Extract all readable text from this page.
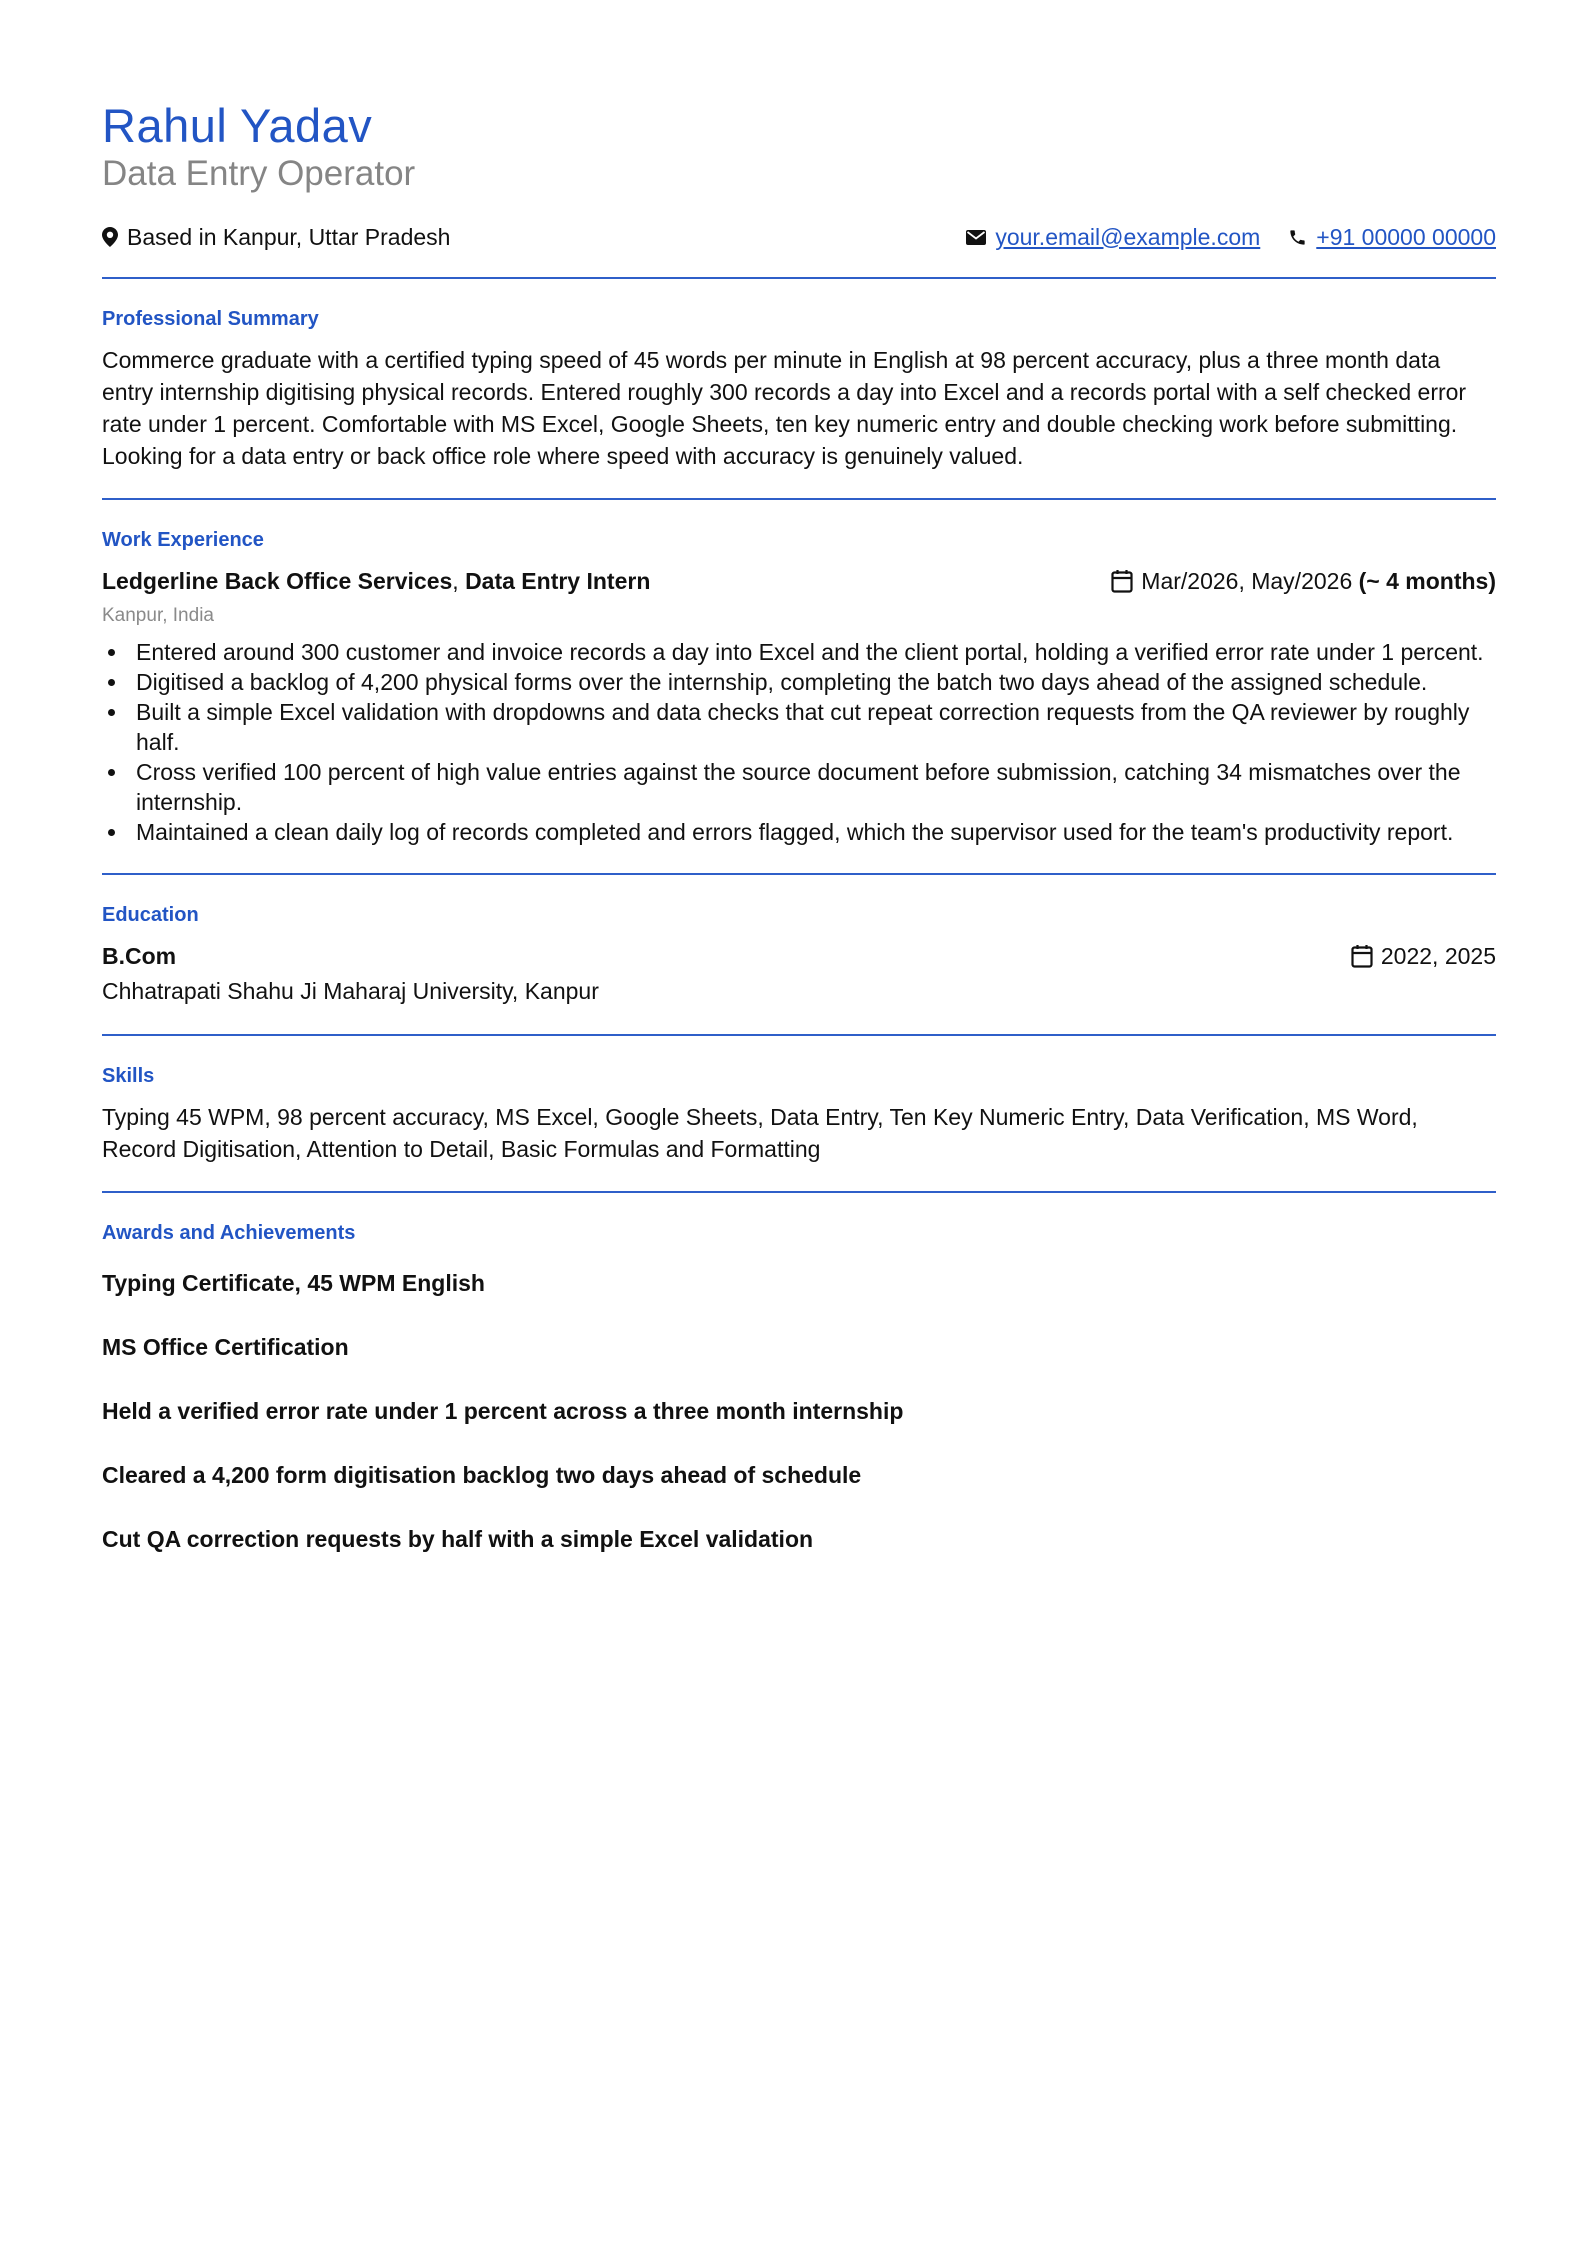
Rahul Yadav
Data Entry Operator
Based in Kanpur, Uttar Pradesh	your.email@example.com +91 00000 00000
Professional Summary
Commerce graduate with a certified typing speed of 45 words per minute in English at 98 percent accuracy, plus a three month data entry internship digitising physical records. Entered roughly 300 records a day into Excel and a records portal with a self checked error rate under 1 percent. Comfortable with MS Excel, Google Sheets, ten key numeric entry and double checking work before submitting. Looking for a data entry or back office role where speed with accuracy is genuinely valued.
Work Experience
Ledgerline Back Office Services, Data Entry Intern	Mar/2026, May/2026
(~ 4 months)
Kanpur, India
Entered around 300 customer and invoice records a day into Excel and the client portal, holding a verified error rate under 1 percent.
Digitised a backlog of 4,200 physical forms over the internship, completing the batch two days ahead of the assigned schedule.
Built a simple Excel validation with dropdowns and data checks that cut repeat correction requests from the QA reviewer by roughly half.
Cross verified 100 percent of high value entries against the source document before submission, catching 34 mismatches over the internship.
Maintained a clean daily log of records completed and errors flagged, which the supervisor used for the team's productivity report.
Education
B.Com	2022, 2025
Chhatrapati Shahu Ji Maharaj University, Kanpur
Skills
Typing 45 WPM, 98 percent accuracy, MS Excel, Google Sheets, Data Entry, Ten Key Numeric Entry, Data Verification, MS Word, Record Digitisation, Attention to Detail, Basic Formulas and Formatting
Awards and Achievements
Typing Certificate, 45 WPM English
MS Office Certification
Held a verified error rate under 1 percent across a three month internship
Cleared a 4,200 form digitisation backlog two days ahead of schedule
Cut QA correction requests by half with a simple Excel validation
